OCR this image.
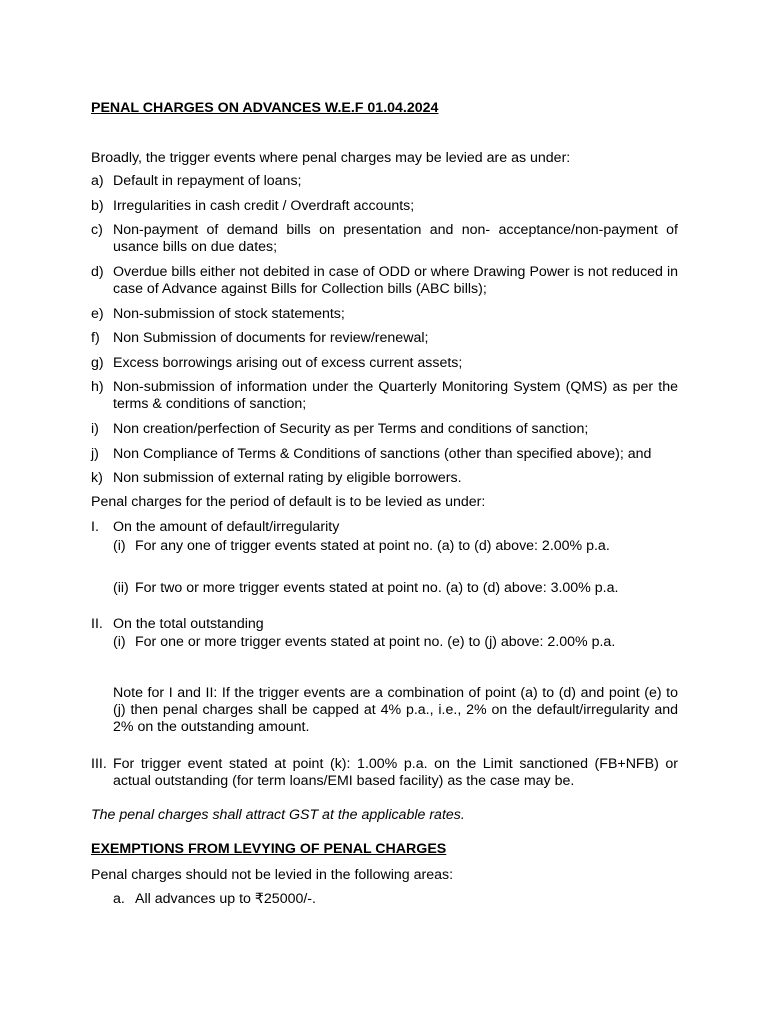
PENAL CHARGES ON ADVANCES W.E.F 01.04.2024
Broadly, the trigger events where penal charges may be levied are as under:
a) Default in repayment of loans;
b) Irregularities in cash credit / Overdraft accounts;
c) Non-payment of demand bills on presentation and non- acceptance/non-payment of usance bills on due dates;
d) Overdue bills either not debited in case of ODD or where Drawing Power is not reduced in case of Advance against Bills for Collection bills (ABC bills);
e) Non-submission of stock statements;
f) Non Submission of documents for review/renewal;
g) Excess borrowings arising out of excess current assets;
h) Non-submission of information under the Quarterly Monitoring System (QMS) as per the terms & conditions of sanction;
i) Non creation/perfection of Security as per Terms and conditions of sanction;
j) Non Compliance of Terms & Conditions of sanctions (other than specified above); and
k) Non submission of external rating by eligible borrowers.
Penal charges for the period of default is to be levied as under:
I. On the amount of default/irregularity
(i) For any one of trigger events stated at point no. (a) to (d) above: 2.00% p.a.
(ii) For two or more trigger events stated at point no. (a) to (d) above: 3.00% p.a.
II. On the total outstanding
(i) For one or more trigger events stated at point no. (e) to (j) above: 2.00% p.a.
Note for I and II: If the trigger events are a combination of point (a) to (d) and point (e) to (j) then penal charges shall be capped at 4% p.a., i.e., 2% on the default/irregularity and 2% on the outstanding amount.
III. For trigger event stated at point (k): 1.00% p.a. on the Limit sanctioned (FB+NFB) or actual outstanding (for term loans/EMI based facility) as the case may be.
The penal charges shall attract GST at the applicable rates.
EXEMPTIONS FROM LEVYING OF PENAL CHARGES
Penal charges should not be levied in the following areas:
a. All advances up to ₹25000/-.
